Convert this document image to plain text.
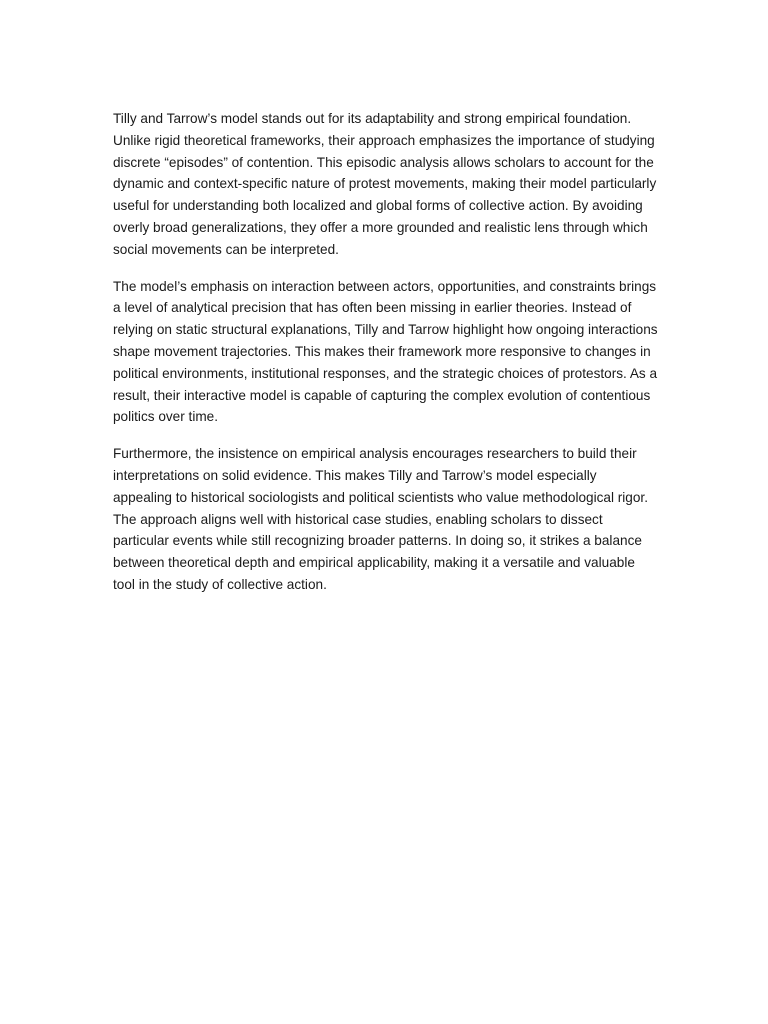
Tilly and Tarrow’s model stands out for its adaptability and strong empirical foundation. Unlike rigid theoretical frameworks, their approach emphasizes the importance of studying discrete “episodes” of contention. This episodic analysis allows scholars to account for the dynamic and context-specific nature of protest movements, making their model particularly useful for understanding both localized and global forms of collective action. By avoiding overly broad generalizations, they offer a more grounded and realistic lens through which social movements can be interpreted.

The model’s emphasis on interaction between actors, opportunities, and constraints brings a level of analytical precision that has often been missing in earlier theories. Instead of relying on static structural explanations, Tilly and Tarrow highlight how ongoing interactions shape movement trajectories. This makes their framework more responsive to changes in political environments, institutional responses, and the strategic choices of protestors. As a result, their interactive model is capable of capturing the complex evolution of contentious politics over time.

Furthermore, the insistence on empirical analysis encourages researchers to build their interpretations on solid evidence. This makes Tilly and Tarrow’s model especially appealing to historical sociologists and political scientists who value methodological rigor. The approach aligns well with historical case studies, enabling scholars to dissect particular events while still recognizing broader patterns. In doing so, it strikes a balance between theoretical depth and empirical applicability, making it a versatile and valuable tool in the study of collective action.
